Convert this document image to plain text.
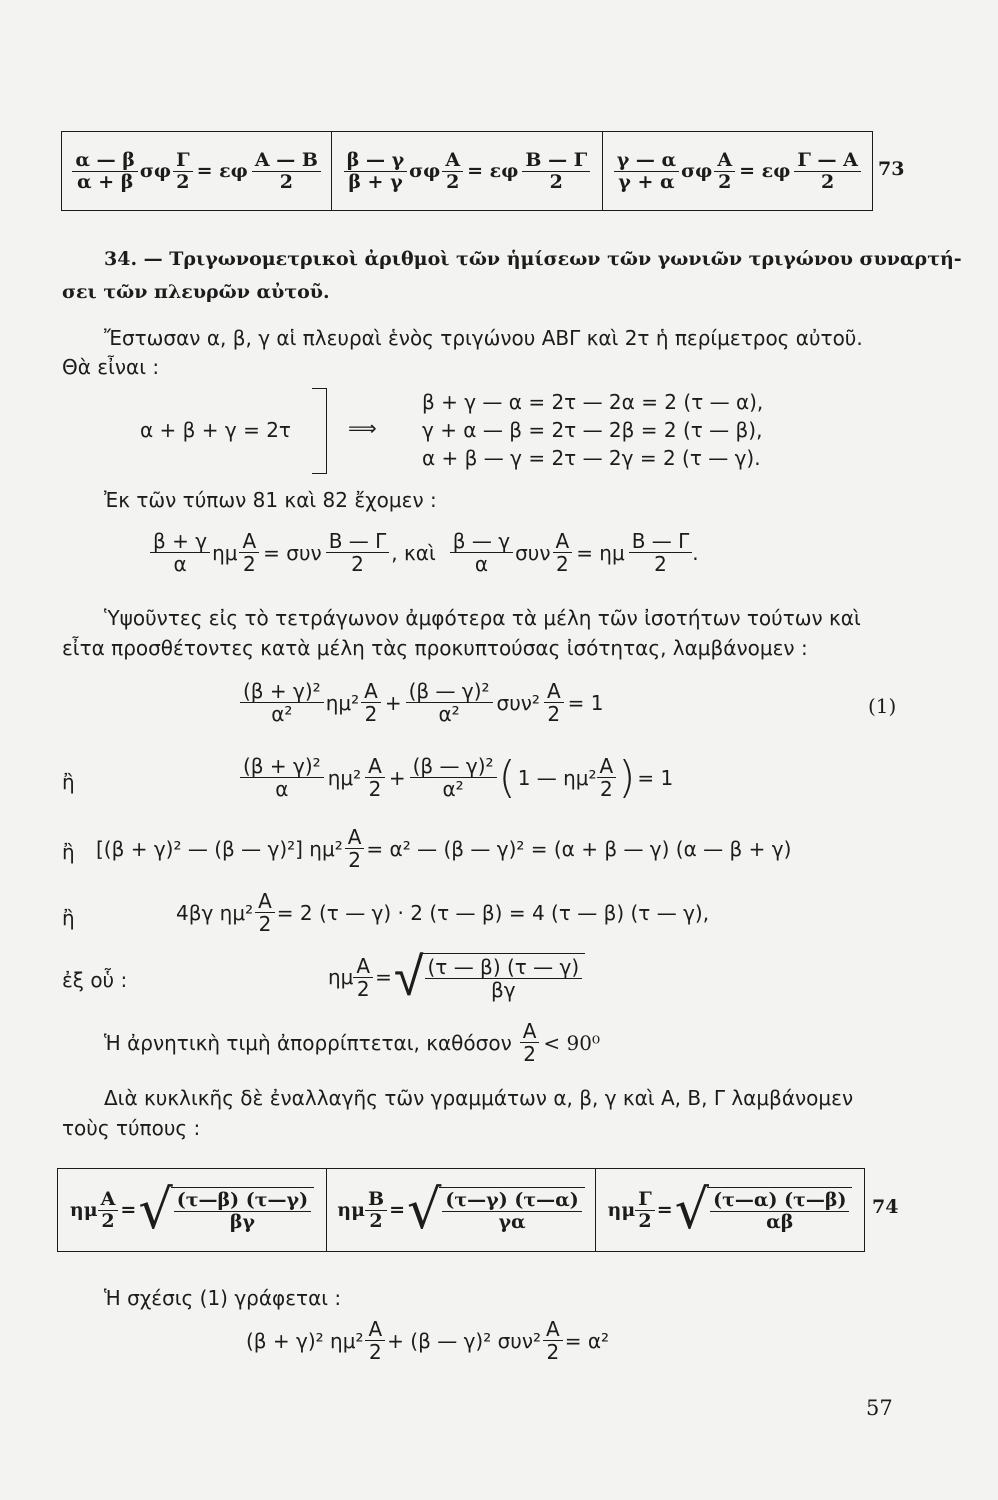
$\frac{\alpha — \beta}{\alpha + \beta}$ σφ $\frac{\Gamma}{2} = \varepsilon\varphi \frac{A — B}{2} \frac{\beta — \gamma}{\beta + \gamma}$ σφ $\frac{A}{2} = \varepsilon\varphi \frac{B — \Gamma}{2} \frac{\gamma — \alpha}{\gamma + \alpha}$ σφ $\frac{A}{2} = \varepsilon\varphi \frac{\Gamma — A}{2} 73$
34. — Τριγωνομετρικοὶ ἀριθμοὶ τῶν ἡμίσεων τῶν γωνιῶν τριγώνου συναρτή-
σει τῶν πλευρῶν αὐτοῦ.
Ἔστωσαν α, β, γ αἱ πλευραὶ ἑνὸς τριγώνου ΑΒΓ καὶ 2τ ἡ περίμετρος αὐτοῦ.
Θὰ εἶναι :
α + β + γ = 2τ	⟹
β + γ — α = 2τ — 2α = 2 (τ — α),
γ + α — β = 2τ — 2β = 2 (τ — β),
α + β — γ = 2τ — 2γ = 2 (τ — γ).
Ἐκ τῶν τύπων 81 καὶ 82 ἔχομεν :
$\frac{\beta + \gamma}{\alpha}$ ημ $\frac{A}{2} = \sigma\upsilon\nu \frac{B — \Gamma}{2}$ , καὶ $\frac{\beta — \gamma}{\alpha}$ συν $\frac{A}{2} = \eta\mu \frac{B — \Gamma}{2}$ .
Ὑψοῦντες εἰς τὸ τετράγωνον ἀμφότερα τὰ μέλη τῶν ἰσοτήτων τούτων καὶ
εἶτα προσθέτοντες κατὰ μέλη τὰς προκυπτούσας ἰσότητας, λαμβάνομεν :
$\frac{\text{(β + γ)²}}{\text{α²}} \eta\mu^2 \frac{A}{2} + \frac{\text{(β — γ)²}}{\text{α²}} \sigma\upsilon\nu^2 \frac{A}{2} = 1$	(1)
ἢ	$\frac{\text{(β + γ)²}}{\alpha} \eta\mu^2 \frac{A}{2} + \frac{\text{(β — γ)²}}{\text{α²}}$ ( 1 — $\eta\mu^2 \frac{A}{2}$ ) = 1
ἢ [(β + γ)² — (β — γ)²] $\eta\mu^2 \frac{A}{2} = \alpha^2$ — (β — γ)² = (α + β — γ) (α — β + γ)
ἢ	4βγ $\eta\mu^2 \frac{A}{2} = 2$ (τ — γ) · 2 (τ — β) = 4 (τ — β) (τ — γ),
ἐξ οὗ :	ημ $\frac{A}{2}$ = √ $\frac{(\tau — \beta) (\tau — \gamma)}{\beta\gamma}$
Ἡ ἀρνητικὴ τιμὴ ἀπορρίπτεται, καθόσον $\frac{A}{2} < 90^0$
Διὰ κυκλικῆς δὲ ἐναλλαγῆς τῶν γραμμάτων α, β, γ καὶ Α, Β, Γ λαμβάνομεν
τοὺς τύπους :
ημ $\frac{A}{2}$ = √ $\frac{(\tau—\beta) (\tau—\gamma)}{\beta\gamma}$ ημ $\frac{B}{2}$ = √ $\frac{(\tau—\gamma) (\tau—\alpha)}{\gamma\alpha}$ ημ $\frac{\Gamma}{2}$ = √ $\frac{(\tau—\alpha) (\tau—\beta)}{\alpha\beta} 74$
Ἡ σχέσις (1) γράφεται :
(β + γ)² $\eta\mu^2 \frac{A}{2} + (\beta$ — γ)² $\sigma\upsilon\nu^2 \frac{A}{2} = \alpha^2$
57
